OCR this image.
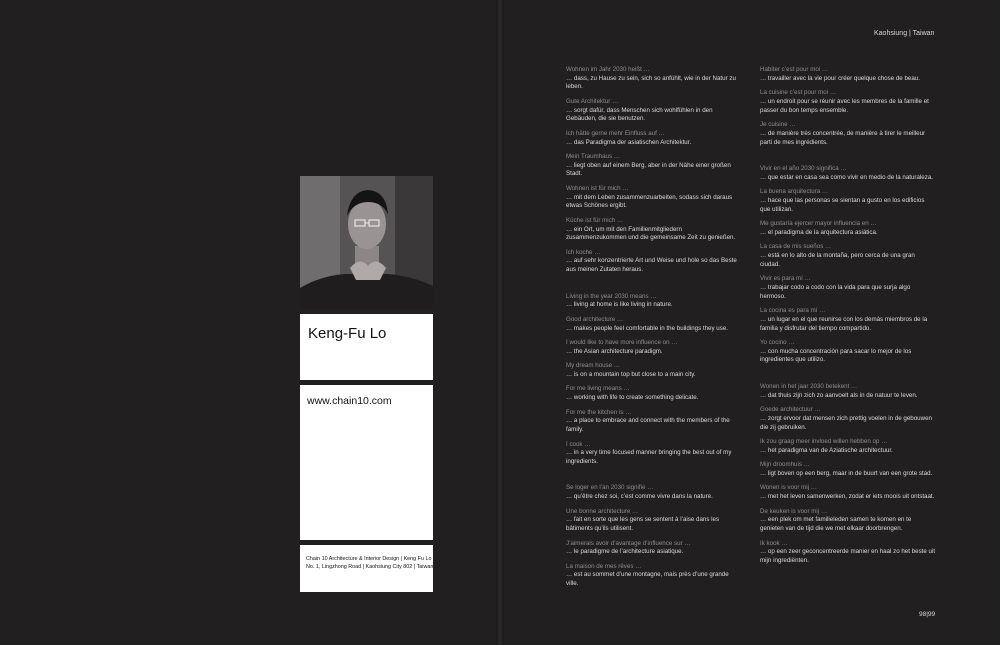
Keng-Fu Lo
www.chain10.com
Chain 10 Architecture & Interior Design | Keng Fu Lo
No. 1, Lingzhong Road | Kaohsiung City 802 | Taiwan
Kaohsiung | Taiwan
Wohnen im Jahr 2030 heißt …
… dass, zu Hause zu sein, sich so anfühlt, wie in der Natur zu leben.
Gute Architektur …
… sorgt dafür, dass Menschen sich wohlfühlen in den Gebäuden, die sie benutzen.
Ich hätte gerne mehr Einfluss auf …
… das Paradigma der asiatischen Architektur.
Mein Traumhaus …
… liegt oben auf einem Berg, aber in der Nähe einer großen Stadt.
Wohnen ist für mich …
… mit dem Leben zusammenzuarbeiten, sodass sich daraus etwas Schönes ergibt.
Küche ist für mich …
… ein Ort, um mit den Familienmitgliedern zusammenzukommen und die gemeinsame Zeit zu genießen.
Ich koche …
… auf sehr konzentrierte Art und Weise und hole so das Beste aus meinen Zutaten heraus.
Living in the year 2030 means …
… living at home is like living in nature.
Good architecture …
… makes people feel comfortable in the buildings they use.
I would like to have more influence on …
… the Asian architecture paradigm.
My dream house …
… is on a mountain top but close to a main city.
For me living means …
… working with life to create something delicate.
For me the kitchen is …
… a place to embrace and connect with the members of the family.
I cook …
… in a very time focused manner bringing the best out of my ingredients.
Se loger en l’an 2030 signifie …
… qu’être chez soi, c’est comme vivre dans la nature.
Une bonne architecture …
… fait en sorte que les gens se sentent à l’aise dans les bâtiments qu’ils utilisent.
J’aimerais avoir d’avantage d’influence sur …
… le paradigme de l’architecture asiatique.
La maison de mes rêves …
… est au sommet d’une montagne, mais près d’une grande ville.
Habiter c’est pour moi …
… travailler avec la vie pour créer quelque chose de beau.
La cuisine c’est pour moi …
… un endroit pour se réunir avec les membres de la famille et passer du bon temps ensemble.
Je cuisine …
… de manière très concentrée, de manière à tirer le meilleur parti de mes ingrédients.
Vivir en el año 2030 significa …
… que estar en casa sea como vivir en medio de la naturaleza.
La buena arquitectura …
… hace que las personas se sientan a gusto en los edificios que utilizan.
Me gustaría ejercer mayor influencia en …
… el paradigma de la arquitectura asiática.
La casa de mis sueños …
… está en lo alto de la montaña, pero cerca de una gran ciudad.
Vivir es para mí …
… trabajar codo a codo con la vida para que surja algo hermoso.
La cocina es para mí …
… un lugar en el que reunirse con los demás miembros de la familia y disfrutar del tiempo compartido.
Yo cocino …
… con mucha concentración para sacar lo mejor de los ingredientes que utilizo.
Wonen in het jaar 2030 betekent …
… dat thuis zijn zich zo aanvoelt als in de natuur te leven.
Goede architectuur …
… zorgt ervoor dat mensen zich prettig voelen in de gebouwen die zij gebruiken.
Ik zou graag meer invloed willen hebben op …
… het paradigma van de Aziatische architectuur.
Mijn droomhuis …
… ligt boven op een berg, maar in de buurt van een grote stad.
Wonen is voor mij …
… met het leven samenwerken, zodat er iets moois uit ontstaat.
De keuken is voor mij …
… een plek om met familieleden samen te komen en te genieten van de tijd die we met elkaar doorbrengen.
Ik kook …
… op een zeer geconcentreerde manier en haal zo het beste uit mijn ingrediënten.
98|99
